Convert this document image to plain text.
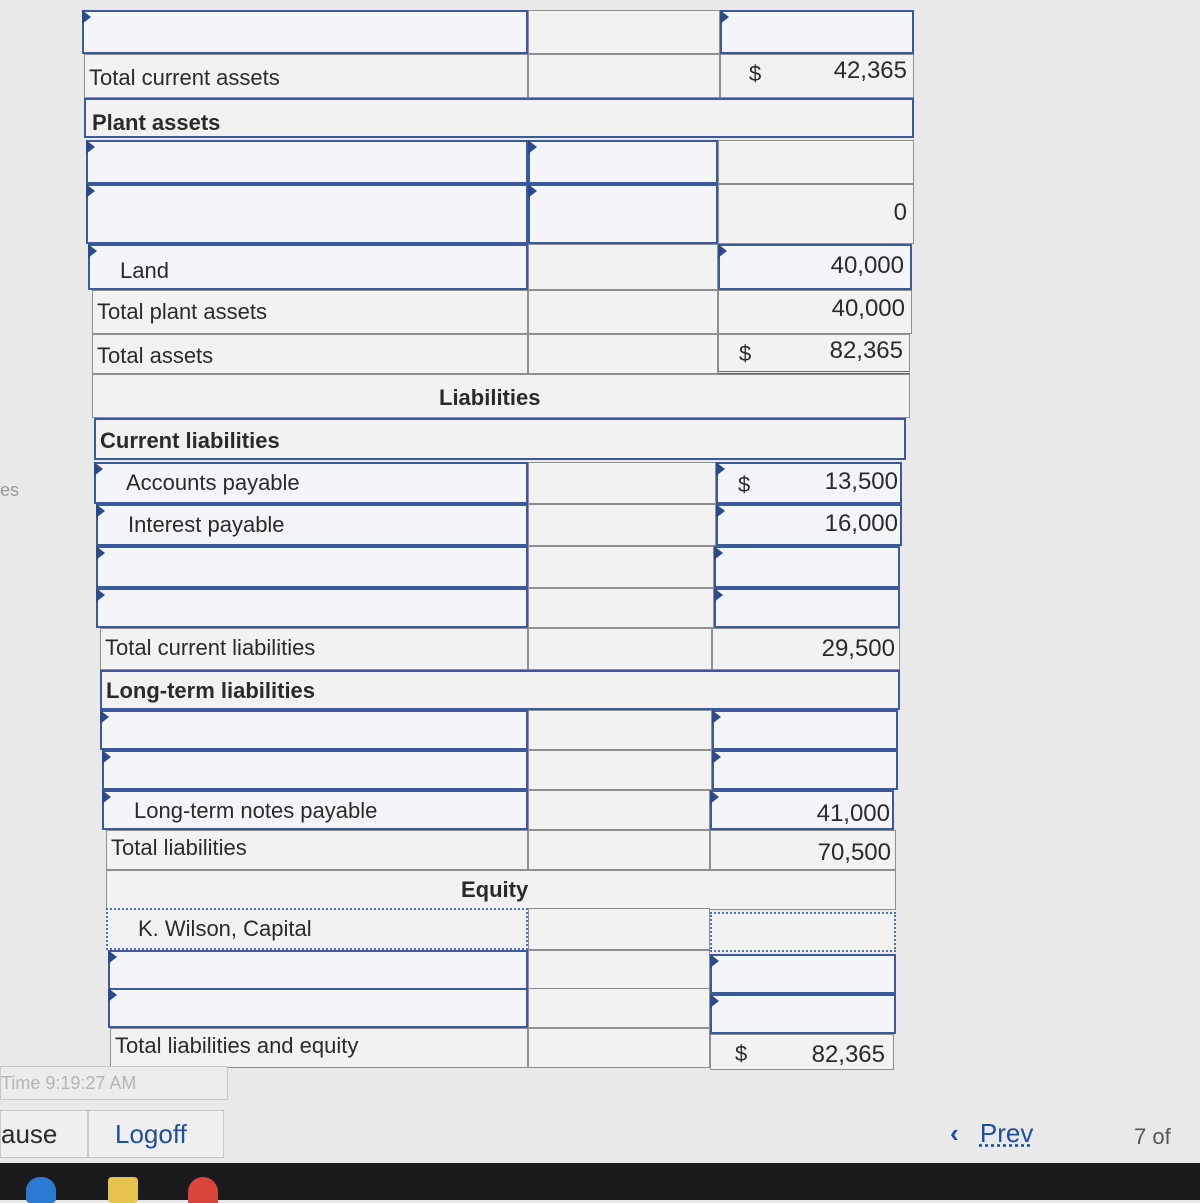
Total current assets	$	42,365
Plant assets
0
Land	40,000
Total plant assets	40,000
Total assets	$	82,365
Liabilities
Current liabilities
Accounts payable	$	13,500
Interest payable	16,000
Total current liabilities	29,500
Long-term liabilities
Long-term notes payable	41,000
Total liabilities	70,500
Equity
K. Wilson, Capital
Total liabilities and equity	$	82,365
es
Time 9:19:27 AM
ause	Logoff	‹ Prev	7 of
